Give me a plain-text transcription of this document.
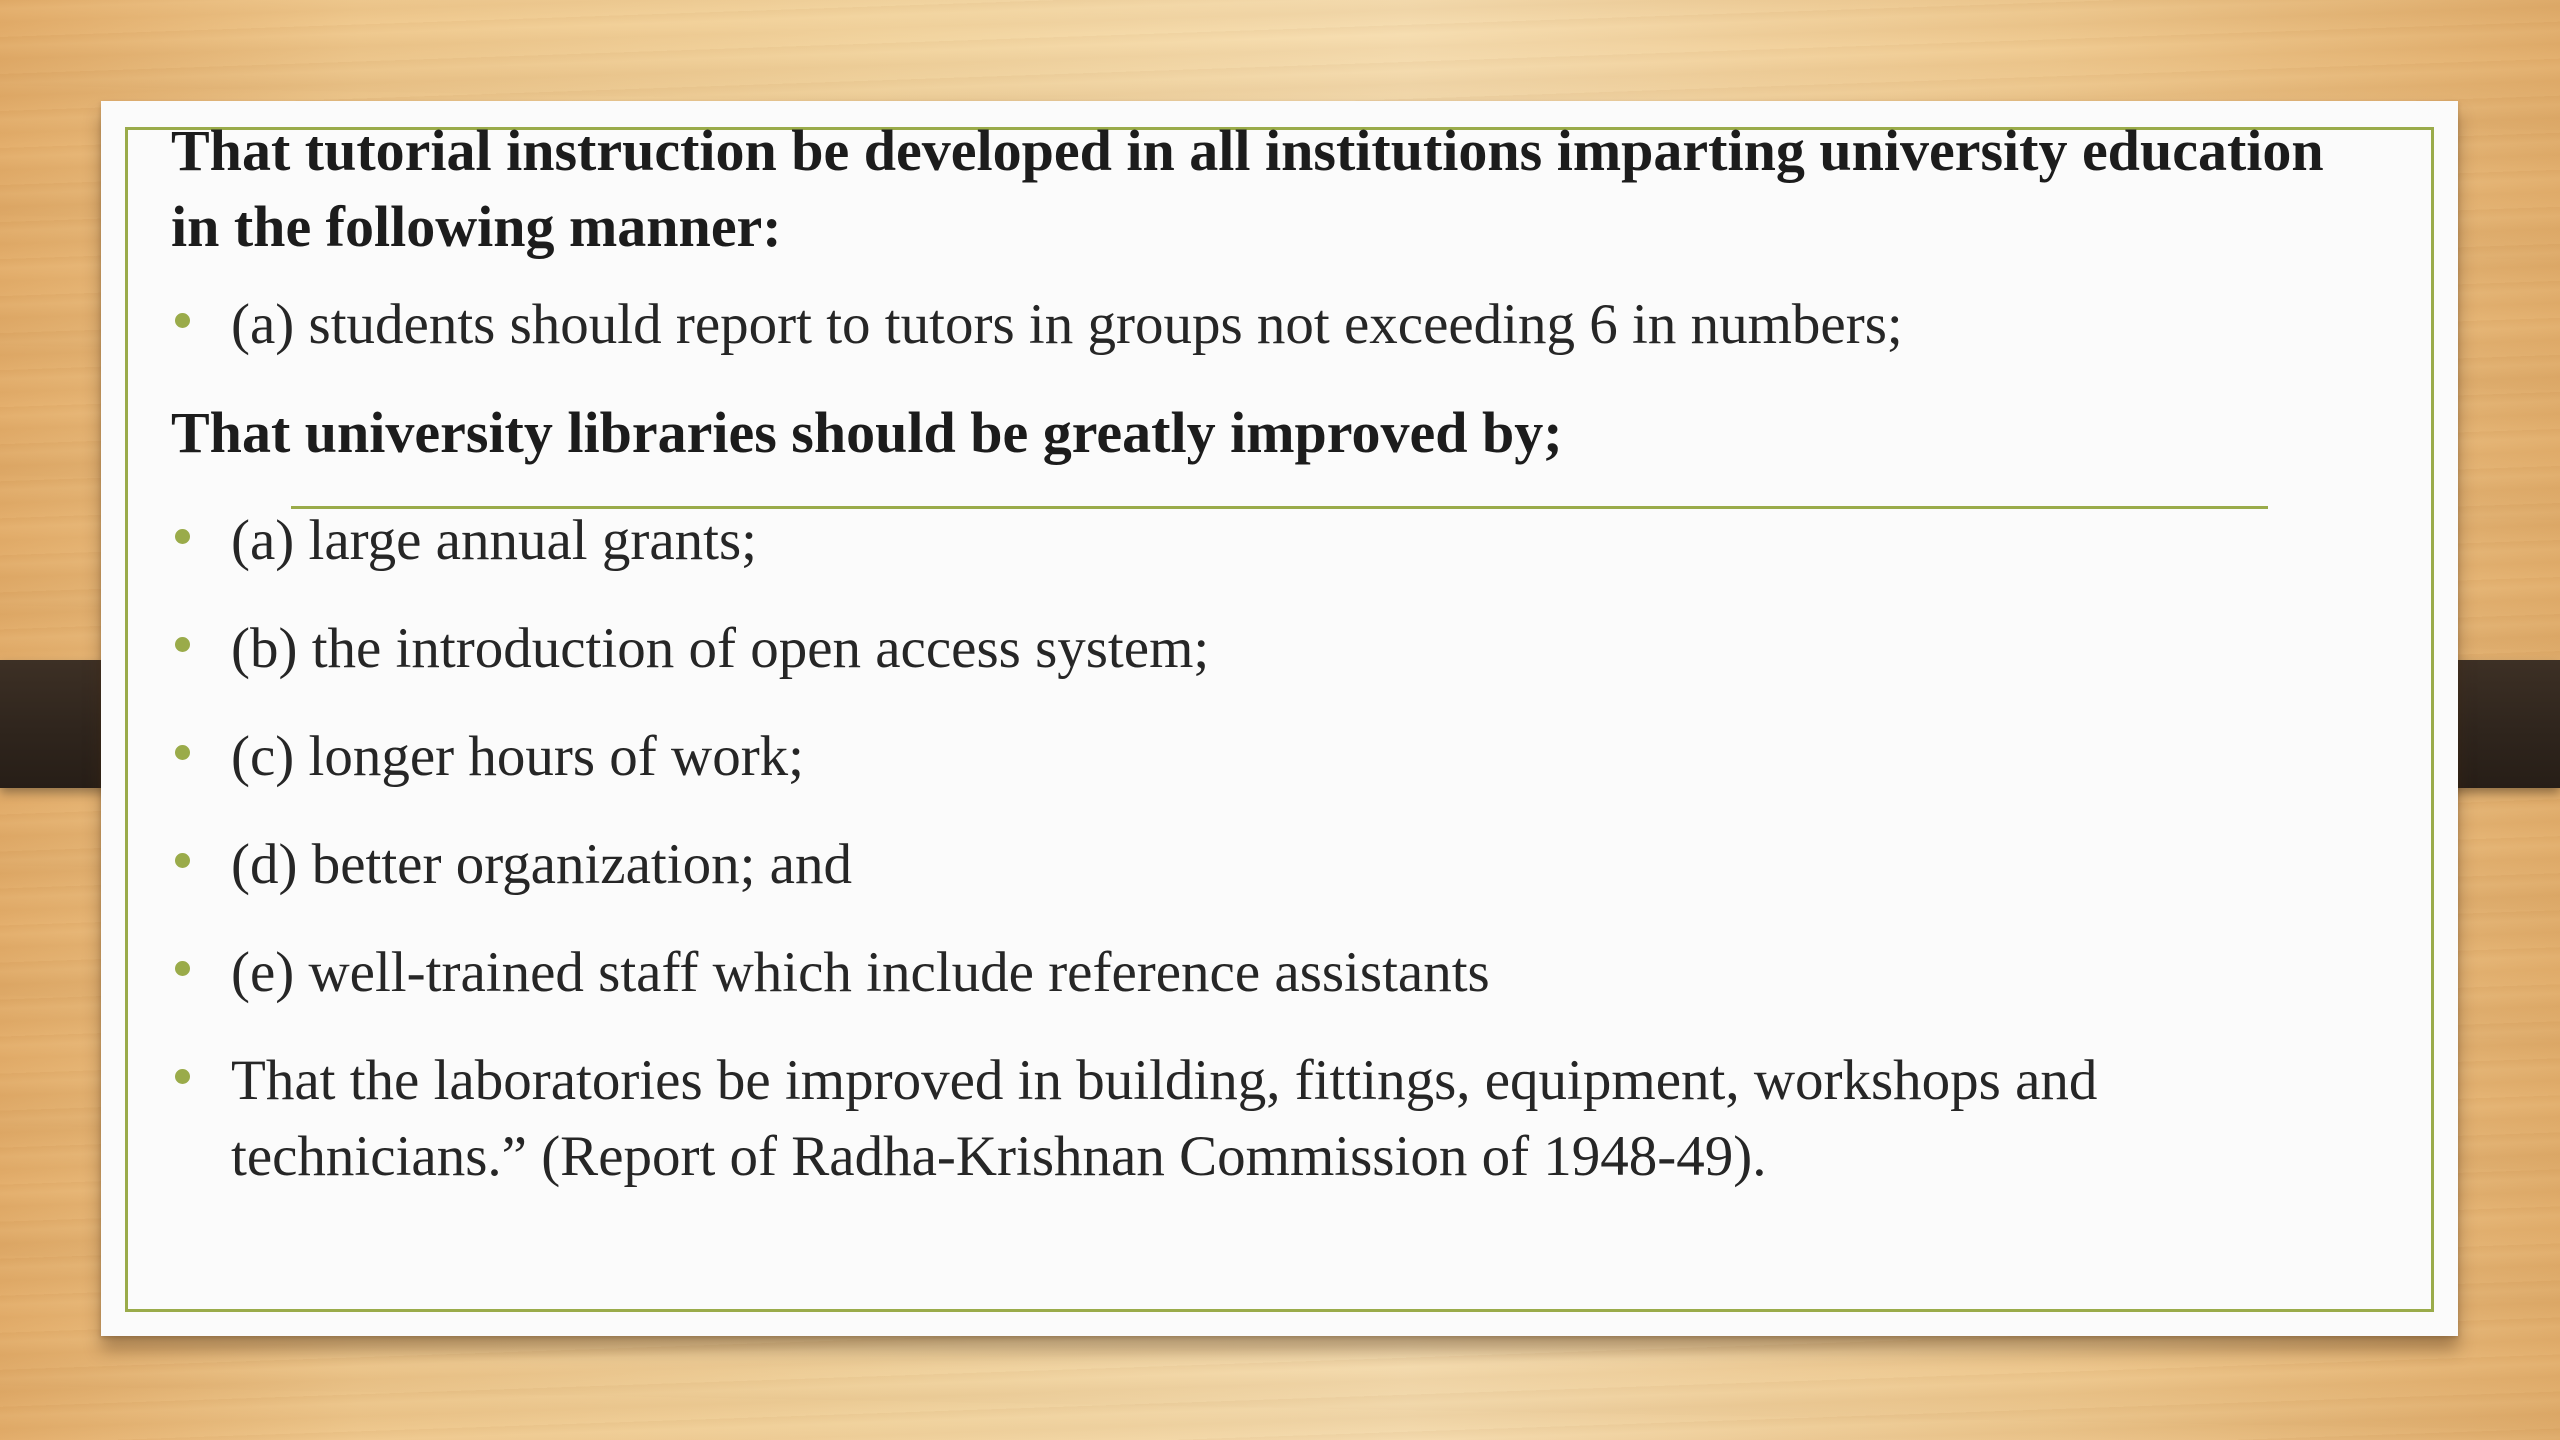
That tutorial instruction be developed in all institutions imparting university education in the following manner:

(a) students should report to tutors in groups not exceeding 6 in numbers;

That university libraries should be greatly improved by;

(a) large annual grants;
(b) the introduction of open access system;
(c) longer hours of work;
(d) better organization; and
(e) well-trained staff which include reference assistants
That the laboratories be improved in building, fittings, equipment, workshops and technicians.” (Report of Radha-Krishnan Commission of 1948-49).
